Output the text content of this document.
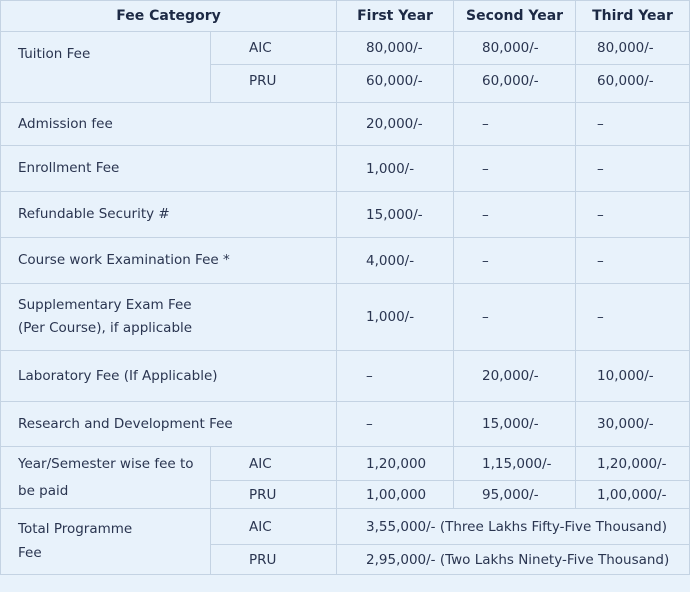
Fee Category		First Year	Second Year	Third Year
Tuition Fee	AIC	80,000/-	80,000/-	80,000/-
	PRU	60,000/-	60,000/-	60,000/-
Admission fee		20,000/-	–	–
Enrollment Fee		1,000/-	–	–
Refundable Security #		15,000/-	–	–
Course work Examination Fee *		4,000/-	–	–

Supplementary Exam Fee
(Per Course), if applicable		1,000/-	–	–
Laboratory Fee (If Applicable)		–	20,000/-	10,000/-
Research and Development Fee		–	15,000/-	30,000/-

Year/Semester wise fee to
be paid	AIC	1,20,000	1,15,000/-	1,20,000/-
	PRU	1,00,000	95,000/-	1,00,000/-

Total Programme
Fee	AIC	3,55,000/- (Three Lakhs Fifty-Five Thousand)		
	PRU	2,95,000/- (Two Lakhs Ninety-Five Thousand)		
